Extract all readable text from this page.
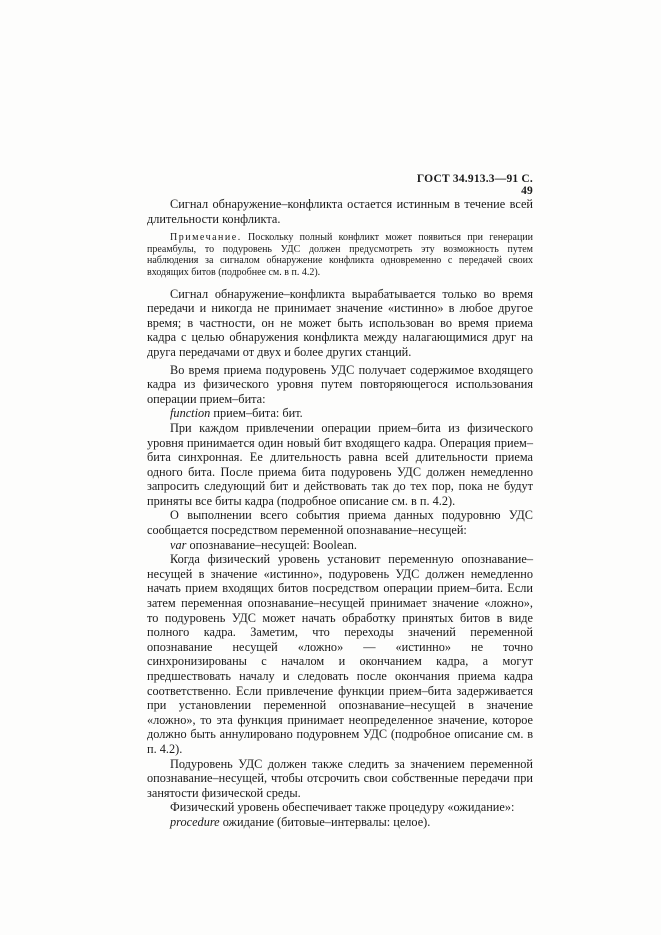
ГОСТ 34.913.3—91 С. 49

Сигнал обнаружение–конфликта остается истинным в течение всей длительности конфликта.

Примечание. Поскольку полный конфликт может появиться при генерации преамбулы, то подуровень УДС должен предусмотреть эту возможность путем наблюдения за сигналом обнаружение конфликта одновременно с передачей своих входящих битов (подробнее см. в п. 4.2).

Сигнал обнаружение–конфликта вырабатывается только во время передачи и никогда не принимает значение «истинно» в любое другое время; в частности, он не может быть использован во время приема кадра с целью обнаружения конфликта между налагающимися друг на друга передачами от двух и более других станций.

Во время приема подуровень УДС получает содержимое входящего кадра из физического уровня путем повторяющегося использования операции прием–бита:

function прием–бита: бит.

При каждом привлечении операции прием–бита из физического уровня принимается один новый бит входящего кадра. Операция прием–бита синхронная. Ее длительность равна всей длительности приема одного бита. После приема бита подуровень УДС должен немедленно запросить следующий бит и действовать так до тех пор, пока не будут приняты все биты кадра (подробное описание см. в п. 4.2).

О выполнении всего события приема данных подуровню УДС сообщается посредством переменной опознавание–несущей:

var опознавание–несущей: Boolean.

Когда физический уровень установит переменную опознавание–несущей в значение «истинно», подуровень УДС должен немедленно начать прием входящих битов посредством операции прием–бита. Если затем переменная опознавание–несущей принимает значение «ложно», то подуровень УДС может начать обработку принятых битов в виде полного кадра. Заметим, что переходы значений переменной опознавание несущей «ложно» — «истинно» не точно синхронизированы с началом и окончанием кадра, а могут предшествовать началу и следовать после окончания приема кадра соответственно. Если привлечение функции прием–бита задерживается при установлении переменной опознавание–несущей в значение «ложно», то эта функция принимает неопределенное значение, которое должно быть аннулировано подуровнем УДС (подробное описание см. в п. 4.2).

Подуровень УДС должен также следить за значением переменной опознавание–несущей, чтобы отсрочить свои собственные передачи при занятости физической среды.

Физический уровень обеспечивает также процедуру «ожидание»:

procedure ожидание (битовые–интервалы: целое).
